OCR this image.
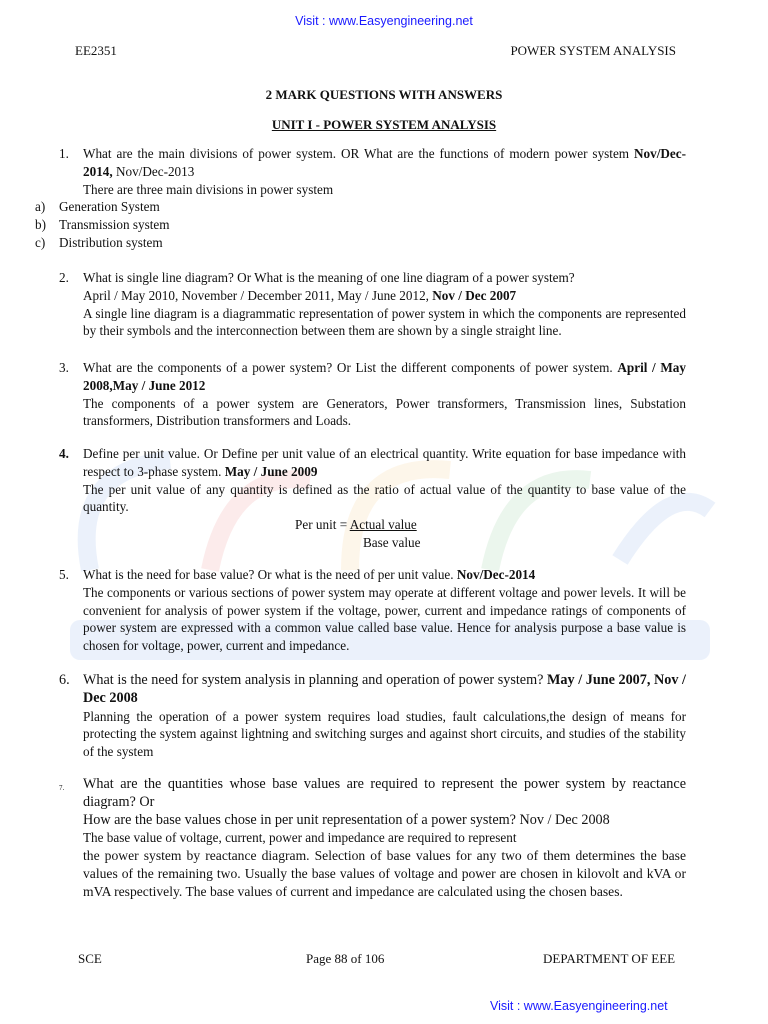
Visit : www.Easyengineering.net
EE2351	POWER SYSTEM ANALYSIS
2 MARK QUESTIONS WITH ANSWERS
UNIT I - POWER SYSTEM ANALYSIS
1.	What are the main divisions of power system. OR What are the functions of modern power system Nov/Dec-2014, Nov/Dec-2013
There are three main divisions in power system
a) Generation System
b) Transmission system
c) Distribution system
2.	What is single line diagram? Or What is the meaning of one line diagram of a power system?
April / May 2010, November / December 2011, May / June 2012, Nov / Dec 2007
A single line diagram is a diagrammatic representation of power system in which the components are represented by their symbols and the interconnection between them are shown by a single straight line.
3.	What are the components of a power system? Or List the different components of power system. April / May 2008,May / June 2012
The components of a power system are Generators, Power transformers, Transmission lines, Substation transformers, Distribution transformers and Loads.
4.	Define per unit value. Or Define per unit value of an electrical quantity. Write equation for base impedance with respect to 3-phase system. May / June 2009
The per unit value of any quantity is defined as the ratio of actual value of the quantity to base value of the quantity.
Per unit = Actual value
Base value
5.	What is the need for base value? Or what is the need of per unit value. Nov/Dec-2014
The components or various sections of power system may operate at different voltage and power levels. It will be convenient for analysis of power system if the voltage, power, current and impedance ratings of components of power system are expressed with a common value called base value. Hence for analysis purpose a base value is chosen for voltage, power, current and impedance.
6. What is the need for system analysis in planning and operation of power system? May / June 2007, Nov / Dec 2008
Planning the operation of a power system requires load studies, fault calculations,the design of means for protecting the system against lightning and switching surges and against short circuits, and studies of the stability of the system
7.	What are the quantities whose base values are required to represent the power system by reactance diagram? Or
How are the base values chose in per unit representation of a power system? Nov / Dec 2008
The base value of voltage, current, power and impedance are required to represent
the power system by reactance diagram. Selection of base values for any two of them determines the base values of the remaining two. Usually the base values of voltage and power are chosen in kilovolt and kVA or mVA respectively. The base values of current and impedance are calculated using the chosen bases.
SCE	Page 88 of 106	DEPARTMENT OF EEE
Visit : www.Easyengineering.net
